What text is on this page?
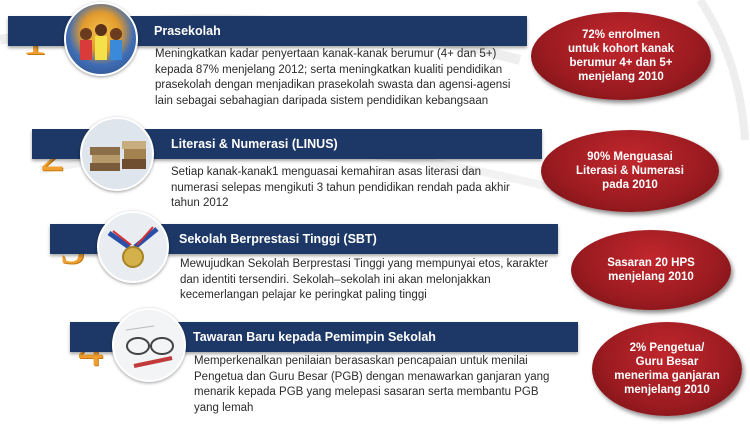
Prasekolah
Meningkatkan kadar penyertaan kanak-kanak berumur (4+ dan 5+) kepada 87% menjelang 2012; serta meningkatkan kualiti pendidikan prasekolah dengan menjadikan prasekolah swasta dan agensi-agensi lain sebagai sebahagian daripada sistem pendidikan kebangsaan
72% enrolmen
untuk kohort kanak
berumur 4+ dan 5+
menjelang 2010
Literasi & Numerasi (LINUS)
Setiap kanak-kanak1 menguasai kemahiran asas literasi dan numerasi selepas mengikuti 3 tahun pendidikan rendah pada akhir tahun 2012
90% Menguasai
Literasi & Numerasi
pada 2010
Sekolah Berprestasi Tinggi (SBT)
Mewujudkan Sekolah Berprestasi Tinggi yang mempunyai etos, karakter dan identiti tersendiri. Sekolah–sekolah ini akan melonjakkan kecemerlangan pelajar ke peringkat paling tinggi
Sasaran 20 HPS
menjelang 2010
Tawaran Baru kepada Pemimpin Sekolah
Memperkenalkan penilaian berasaskan pencapaian untuk menilai Pengetua dan Guru Besar (PGB) dengan menawarkan ganjaran yang menarik kepada PGB yang melepasi sasaran serta membantu PGB yang lemah
2% Pengetua/
Guru Besar
menerima ganjaran
menjelang 2010
